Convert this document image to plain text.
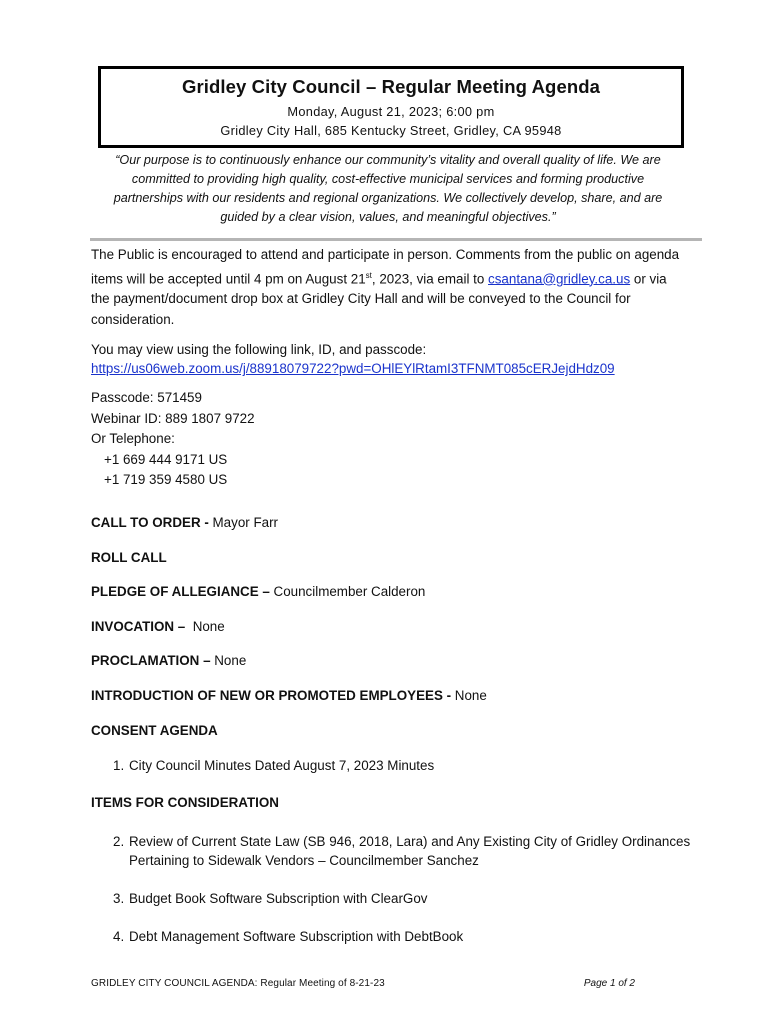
Gridley City Council – Regular Meeting Agenda
Monday, August 21, 2023; 6:00 pm
Gridley City Hall, 685 Kentucky Street, Gridley, CA 95948
“Our purpose is to continuously enhance our community’s vitality and overall quality of life. We are
committed to providing high quality, cost-effective municipal services and forming productive
partnerships with our residents and regional organizations. We collectively develop, share, and are
guided by a clear vision, values, and meaningful objectives.”
The Public is encouraged to attend and participate in person. Comments from the public on agenda
items will be accepted until 4 pm on August 21st, 2023, via email to csantana@gridley.ca.us or via
the payment/document drop box at Gridley City Hall and will be conveyed to the Council for
consideration.
You may view using the following link, ID, and passcode:
https://us06web.zoom.us/j/88918079722?pwd=OHlEYlRtamI3TFNMT085cERJejdHdz09
Passcode: 571459
Webinar ID: 889 1807 9722
Or Telephone:
+1 669 444 9171 US
+1 719 359 4580 US
CALL TO ORDER - Mayor Farr
ROLL CALL
PLEDGE OF ALLEGIANCE – Councilmember Calderon
INVOCATION –  None
PROCLAMATION – None
INTRODUCTION OF NEW OR PROMOTED EMPLOYEES - None
CONSENT AGENDA
1. City Council Minutes Dated August 7, 2023 Minutes
ITEMS FOR CONSIDERATION
2. Review of Current State Law (SB 946, 2018, Lara) and Any Existing City of Gridley Ordinances
Pertaining to Sidewalk Vendors – Councilmember Sanchez
3. Budget Book Software Subscription with ClearGov
4. Debt Management Software Subscription with DebtBook
GRIDLEY CITY COUNCIL AGENDA: Regular Meeting of 8-21-23	Page 1 of 2
